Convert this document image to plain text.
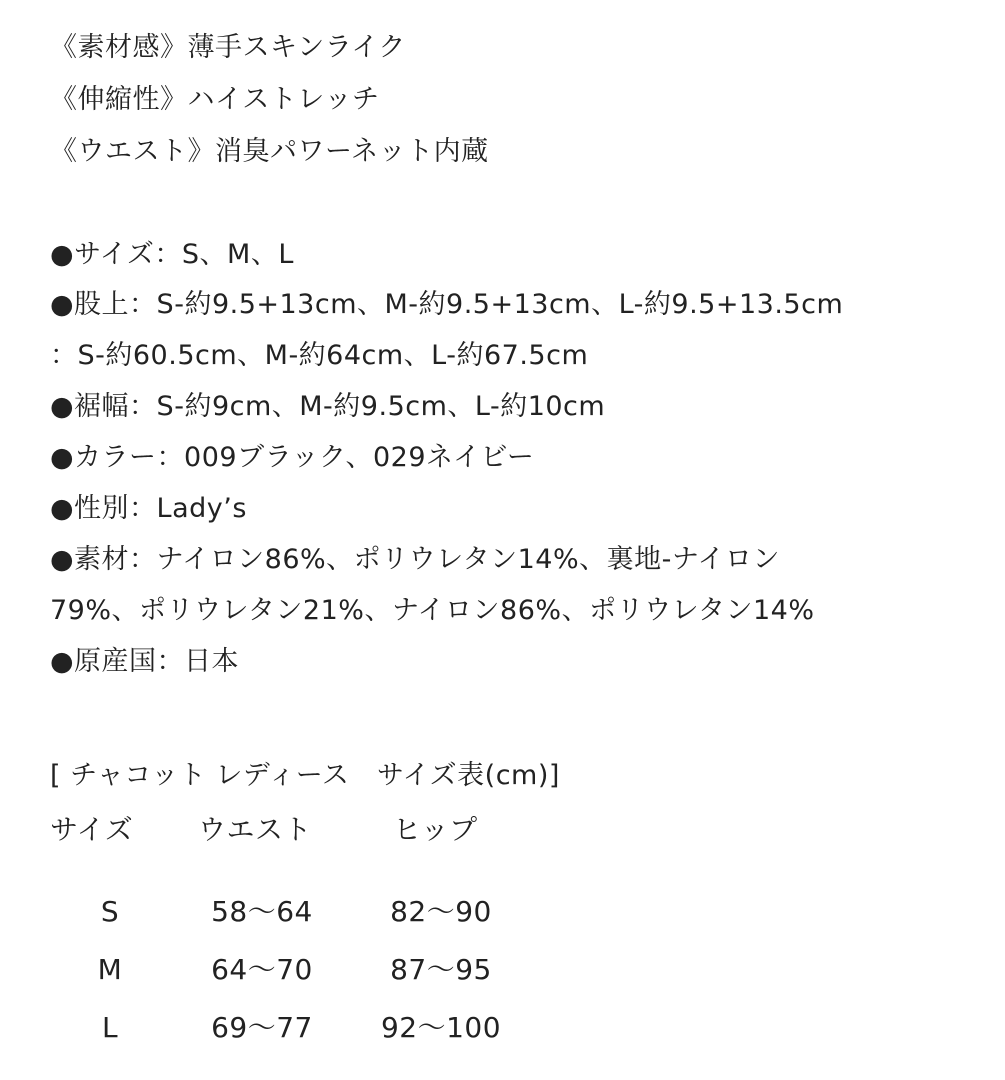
《素材感》薄手スキンライク
《伸縮性》ハイストレッチ
《ウエスト》消臭パワーネット内蔵
●サイズ：S、M、L
●股上：S-約9.5+13cm、M-約9.5+13cm、L-約9.5+13.5cm
：S-約60.5cm、M-約64cm、L-約67.5cm
●裾幅：S-約9cm、M-約9.5cm、L-約10cm
●カラー：009ブラック、029ネイビー
●性別：Lady’s
●素材：ナイロン86%、ポリウレタン14%、裏地-ナイロン
79%、ポリウレタン21%、ナイロン86%、ポリウレタン14%
●原産国：日本
[ チャコット レディース　サイズ表(cm)]
サイズ ウエスト	ヒップ
S	58〜64	82〜90
M	64〜70	87〜95
L	69〜77 92〜100
